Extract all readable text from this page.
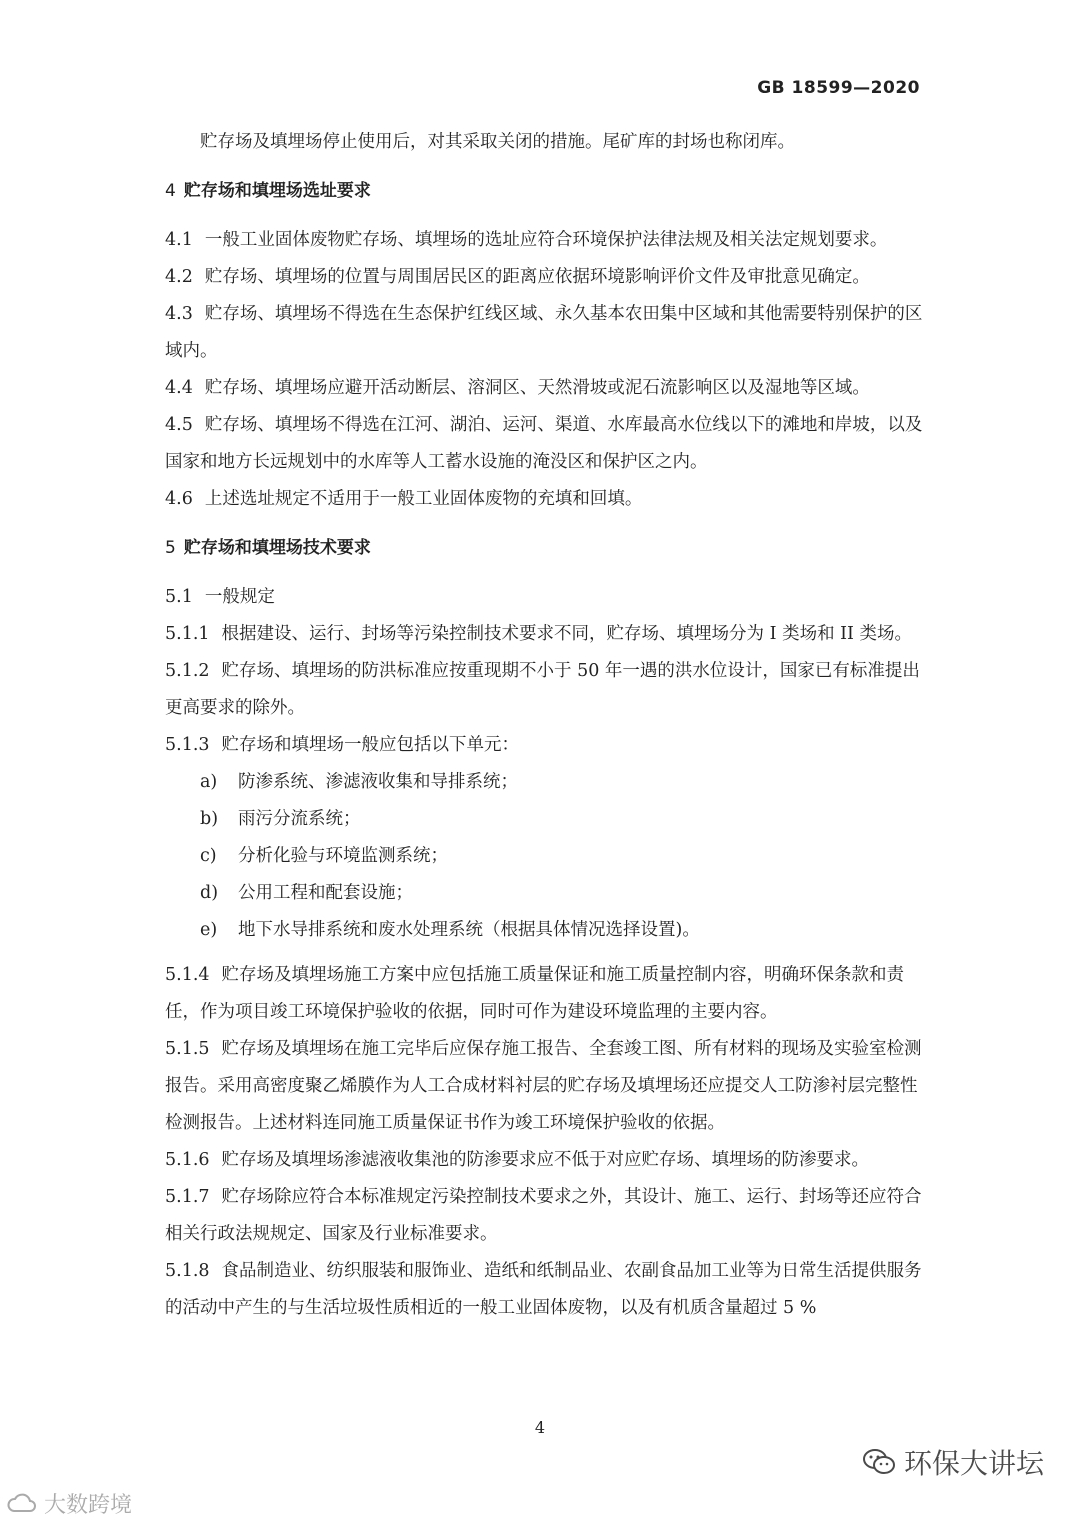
GB 18599—2020

贮存场及填埋场停止使用后，对其采取关闭的措施。尾矿库的封场也称闭库。

4 贮存场和填埋场选址要求

4.1 一般工业固体废物贮存场、填埋场的选址应符合环境保护法律法规及相关法定规划要求。

4.2 贮存场、填埋场的位置与周围居民区的距离应依据环境影响评价文件及审批意见确定。

4.3 贮存场、填埋场不得选在生态保护红线区域、永久基本农田集中区域和其他需要特别保护的区域内。

4.4 贮存场、填埋场应避开活动断层、溶洞区、天然滑坡或泥石流影响区以及湿地等区域。

4.5 贮存场、填埋场不得选在江河、湖泊、运河、渠道、水库最高水位线以下的滩地和岸坡，以及国家和地方长远规划中的水库等人工蓄水设施的淹没区和保护区之内。

4.6 上述选址规定不适用于一般工业固体废物的充填和回填。

5 贮存场和填埋场技术要求

5.1 一般规定

5.1.1 根据建设、运行、封场等污染控制技术要求不同，贮存场、填埋场分为 I 类场和 II 类场。

5.1.2 贮存场、填埋场的防洪标准应按重现期不小于 50 年一遇的洪水位设计，国家已有标准提出更高要求的除外。

5.1.3 贮存场和填埋场一般应包括以下单元：

a) 防渗系统、渗滤液收集和导排系统；

b) 雨污分流系统；

c) 分析化验与环境监测系统；

d) 公用工程和配套设施；

e) 地下水导排系统和废水处理系统（根据具体情况选择设置)。

5.1.4 贮存场及填埋场施工方案中应包括施工质量保证和施工质量控制内容，明确环保条款和责任，作为项目竣工环境保护验收的依据，同时可作为建设环境监理的主要内容。

5.1.5 贮存场及填埋场在施工完毕后应保存施工报告、全套竣工图、所有材料的现场及实验室检测报告。采用高密度聚乙烯膜作为人工合成材料衬层的贮存场及填埋场还应提交人工防渗衬层完整性检测报告。上述材料连同施工质量保证书作为竣工环境保护验收的依据。

5.1.6 贮存场及填埋场渗滤液收集池的防渗要求应不低于对应贮存场、填埋场的防渗要求。

5.1.7 贮存场除应符合本标准规定污染控制技术要求之外，其设计、施工、运行、封场等还应符合相关行政法规规定、国家及行业标准要求。

5.1.8 食品制造业、纺织服装和服饰业、造纸和纸制品业、农副食品加工业等为日常生活提供服务的活动中产生的与生活垃圾性质相近的一般工业固体废物，以及有机质含量超过 5 %

4
环保大讲坛
大数跨境
